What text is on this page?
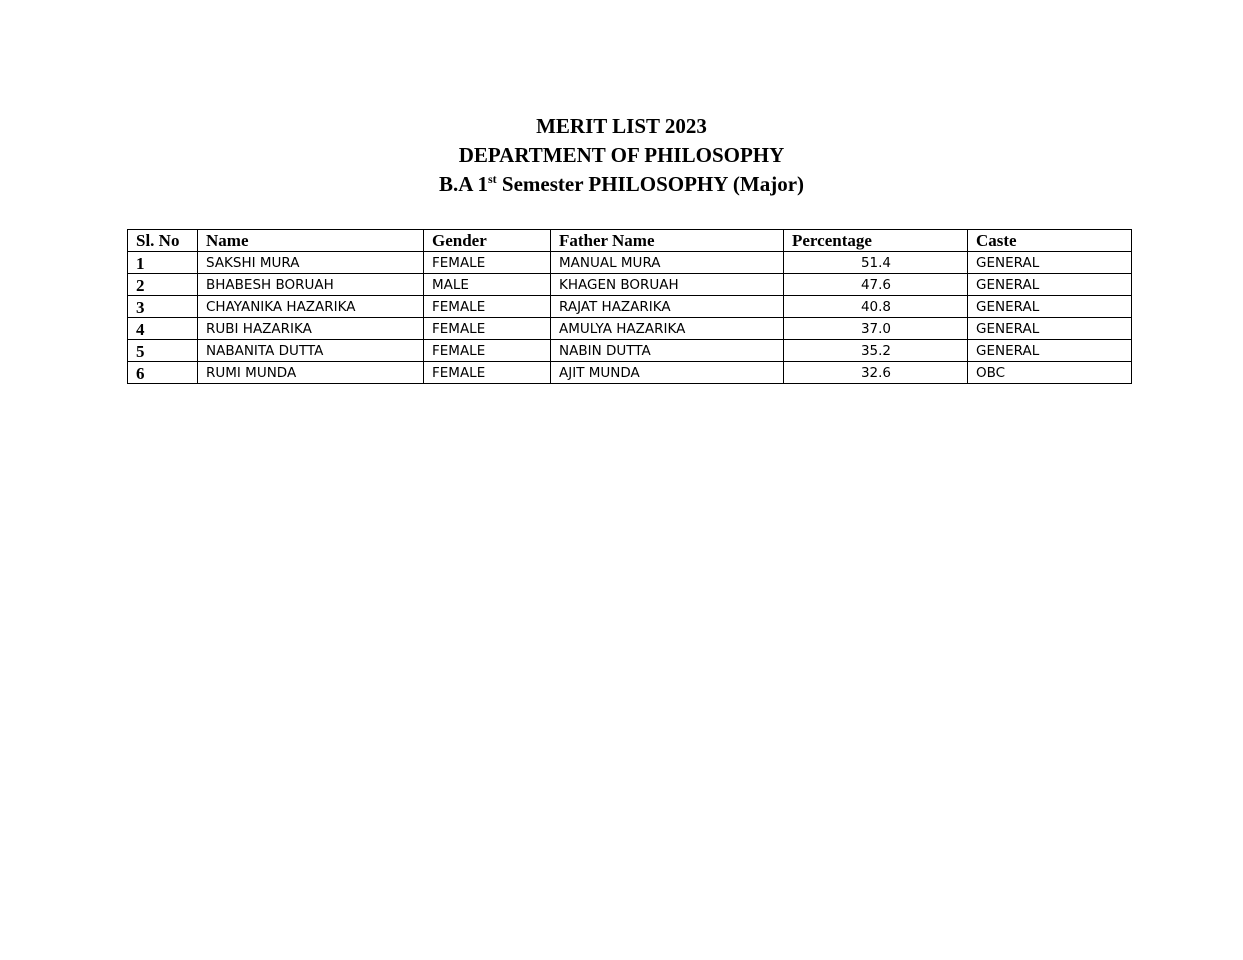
MERIT LIST 2023
DEPARTMENT OF PHILOSOPHY
B.A 1st Semester PHILOSOPHY (Major)
Sl. No	Name	Gender	Father Name	Percentage	Caste
1	SAKSHI MURA	FEMALE	MANUAL MURA	51.4	GENERAL
2	BHABESH BORUAH	MALE	KHAGEN BORUAH	47.6	GENERAL
3	CHAYANIKA HAZARIKA	FEMALE	RAJAT HAZARIKA	40.8	GENERAL
4	RUBI HAZARIKA	FEMALE	AMULYA HAZARIKA	37.0	GENERAL
5	NABANITA DUTTA	FEMALE	NABIN DUTTA	35.2	GENERAL
6	RUMI MUNDA	FEMALE	AJIT MUNDA	32.6	OBC
